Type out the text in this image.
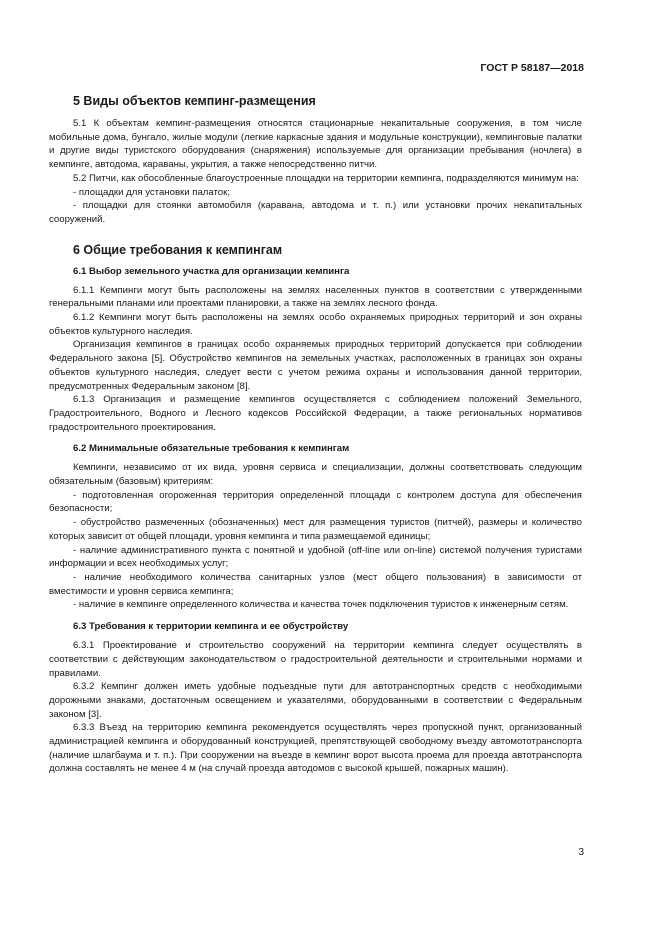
ГОСТ Р 58187—2018
5 Виды объектов кемпинг-размещения

5.1 К объектам кемпинг-размещения относятся стационарные некапитальные сооружения, в том числе мобильные дома, бунгало, жилые модули (легкие каркасные здания и модульные конструкции), кемпинговые палатки и другие виды туристского оборудования (снаряжения) используемые для организации пребывания (ночлега) в кемпинге, автодома, караваны, укрытия, а также непосредственно питчи.

5.2 Питчи, как обособленные благоустроенные площадки на территории кемпинга, подразделяются минимум на:

- площадки для установки палаток;

- площадки для стоянки автомобиля (каравана, автодома и т. п.) или установки прочих некапитальных сооружений.

6 Общие требования к кемпингам
6.1 Выбор земельного участка для организации кемпинга

6.1.1 Кемпинги могут быть расположены на землях населенных пунктов в соответствии с утвержденными генеральными планами или проектами планировки, а также на землях лесного фонда.

6.1.2 Кемпинги могут быть расположены на землях особо охраняемых природных территорий и зон охраны объектов культурного наследия.

Организация кемпингов в границах особо охраняемых природных территорий допускается при соблюдении Федерального закона [5]. Обустройство кемпингов на земельных участках, расположенных в границах зон охраны объектов культурного наследия, следует вести с учетом режима охраны и использования данной территории, предусмотренных Федеральным законом [8].

6.1.3 Организация и размещение кемпингов осуществляется с соблюдением положений Земельного, Градостроительного, Водного и Лесного кодексов Российской Федерации, а также региональных нормативов градостроительного проектирования.

6.2 Минимальные обязательные требования к кемпингам

Кемпинги, независимо от их вида, уровня сервиса и специализации, должны соответствовать следующим обязательным (базовым) критериям:

- подготовленная огороженная территория определенной площади с контролем доступа для обеспечения безопасности;

- обустройство размеченных (обозначенных) мест для размещения туристов (питчей), размеры и количество которых зависит от общей площади, уровня кемпинга и типа размещаемой единицы;

- наличие административного пункта с понятной и удобной (off-line или on-line) системой получения туристами информации и всех необходимых услуг;

- наличие необходимого количества санитарных узлов (мест общего пользования) в зависимости от вместимости и уровня сервиса кемпинга;

- наличие в кемпинге определенного количества и качества точек подключения туристов к инженерным сетям.

6.3 Требования к территории кемпинга и ее обустройству

6.3.1 Проектирование и строительство сооружений на территории кемпинга следует осуществлять в соответствии с действующим законодательством о градостроительной деятельности и строительными нормами и правилами.

6.3.2 Кемпинг должен иметь удобные подъездные пути для автотранспортных средств с необходимыми дорожными знаками, достаточным освещением и указателями, оборудованными в соответствии с Федеральным законом [3].

6.3.3 Въезд на территорию кемпинга рекомендуется осуществлять через пропускной пункт, организованный администрацией кемпинга и оборудованный конструкцией, препятствующей свободному въезду автомототранспорта (наличие шлагбаума и т. п.). При сооружении на въезде в кемпинг ворот высота проема для проезда автотранспорта должна составлять не менее 4 м (на случай проезда автодомов с высокой крышей, пожарных машин).

3
